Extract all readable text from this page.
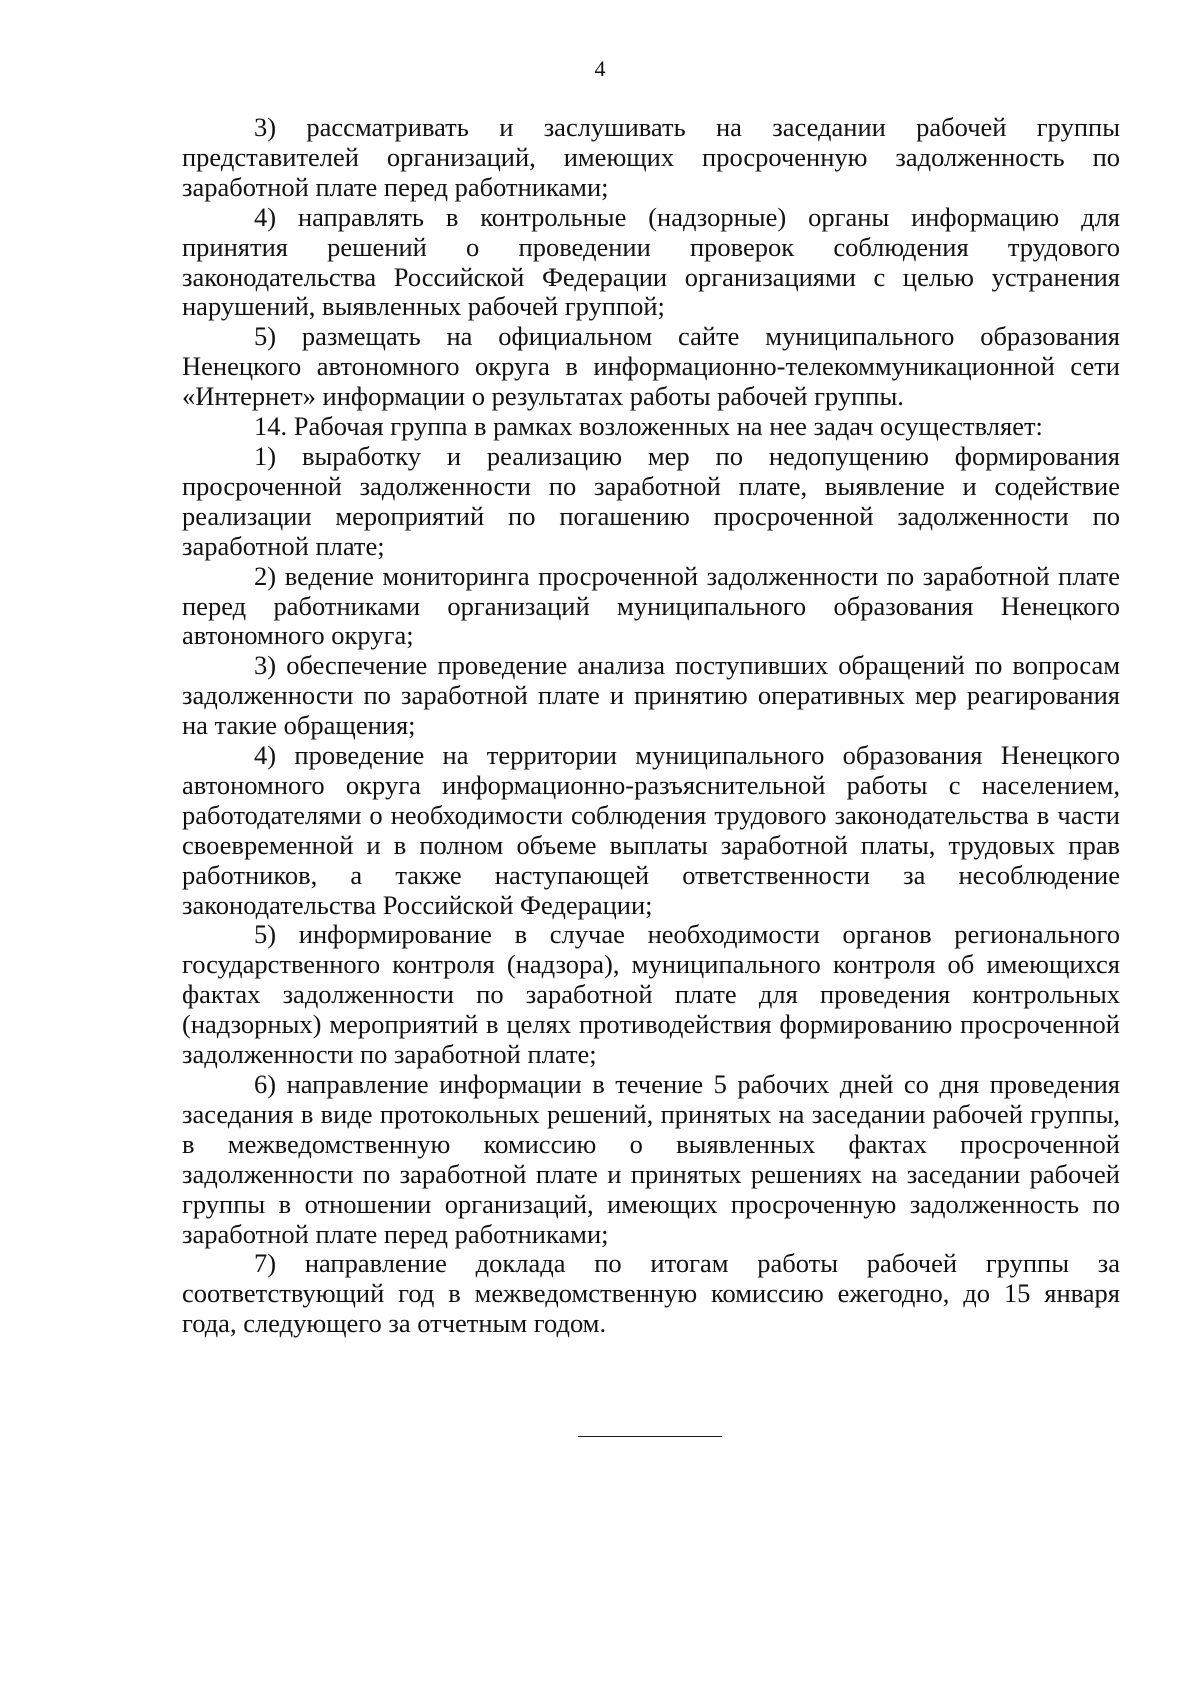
4

3) рассматривать и заслушивать на заседании рабочей группы представителей организаций, имеющих просроченную задолженность по заработной плате перед работниками;

4) направлять в контрольные (надзорные) органы информацию для принятия решений о проведении проверок соблюдения трудового законодательства Российской Федерации организациями с целью устранения нарушений, выявленных рабочей группой;

5) размещать на официальном сайте муниципального образования Ненецкого автономного округа в информационно-телекоммуникационной сети «Интернет» информации о результатах работы рабочей группы.

14. Рабочая группа в рамках возложенных на нее задач осуществляет:

1) выработку и реализацию мер по недопущению формирования просроченной задолженности по заработной плате, выявление и содействие реализации мероприятий по погашению просроченной задолженности по заработной плате;

2) ведение мониторинга просроченной задолженности по заработной плате перед работниками организаций муниципального образования Ненецкого автономного округа;

3) обеспечение проведение анализа поступивших обращений по вопросам задолженности по заработной плате и принятию оперативных мер реагирования на такие обращения;

4) проведение на территории муниципального образования Ненецкого автономного округа информационно-разъяснительной работы с населением, работодателями о необходимости соблюдения трудового законодательства в части своевременной и в полном объеме выплаты заработной платы, трудовых прав работников, а также наступающей ответственности за несоблюдение законодательства Российской Федерации;

5) информирование в случае необходимости органов регионального государственного контроля (надзора), муниципального контроля об имеющихся фактах задолженности по заработной плате для проведения контрольных (надзорных) мероприятий в целях противодействия формированию просроченной задолженности по заработной плате;

6) направление информации в течение 5 рабочих дней со дня проведения заседания в виде протокольных решений, принятых на заседании рабочей группы, в межведомственную комиссию о выявленных фактах просроченной задолженности по заработной плате и принятых решениях на заседании рабочей группы в отношении организаций, имеющих просроченную задолженность по заработной плате перед работниками;

7) направление доклада по итогам работы рабочей группы за соответствующий год в межведомственную комиссию ежегодно, до 15 января года, следующего за отчетным годом.
